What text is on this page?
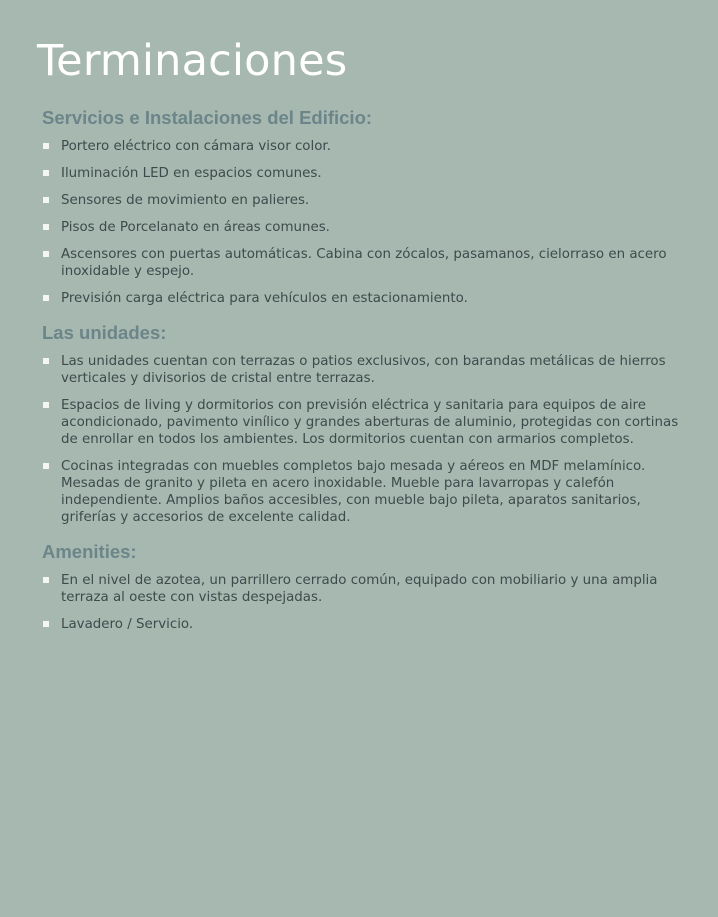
Terminaciones
Servicios e Instalaciones del Edificio:
Portero eléctrico con cámara visor color.
Iluminación LED en espacios comunes.
Sensores de movimiento en palieres.
Pisos de Porcelanato en áreas comunes.
Ascensores con puertas automáticas. Cabina con zócalos, pasamanos, cielorraso en acero inoxidable y espejo.
Previsión carga eléctrica para vehículos en estacionamiento.
Las unidades:
Las unidades cuentan con terrazas o patios exclusivos, con barandas metálicas de hierros verticales y divisorios de cristal entre terrazas.
Espacios de living y dormitorios con previsión eléctrica y sanitaria para equipos de aire acondicionado, pavimento vinílico y grandes aberturas de aluminio, protegidas con cortinas de enrollar en todos los ambientes. Los dormitorios cuentan con armarios completos.
Cocinas integradas con muebles completos bajo mesada y aéreos en MDF melamínico. Mesadas de granito y pileta en acero inoxidable. Mueble para lavarropas y calefón independiente. Amplios baños accesibles, con mueble bajo pileta, aparatos sanitarios, griferías y accesorios de excelente calidad.
Amenities:
En el nivel de azotea, un parrillero cerrado común, equipado con mobiliario y una amplia terraza al oeste con vistas despejadas.
Lavadero / Servicio.
